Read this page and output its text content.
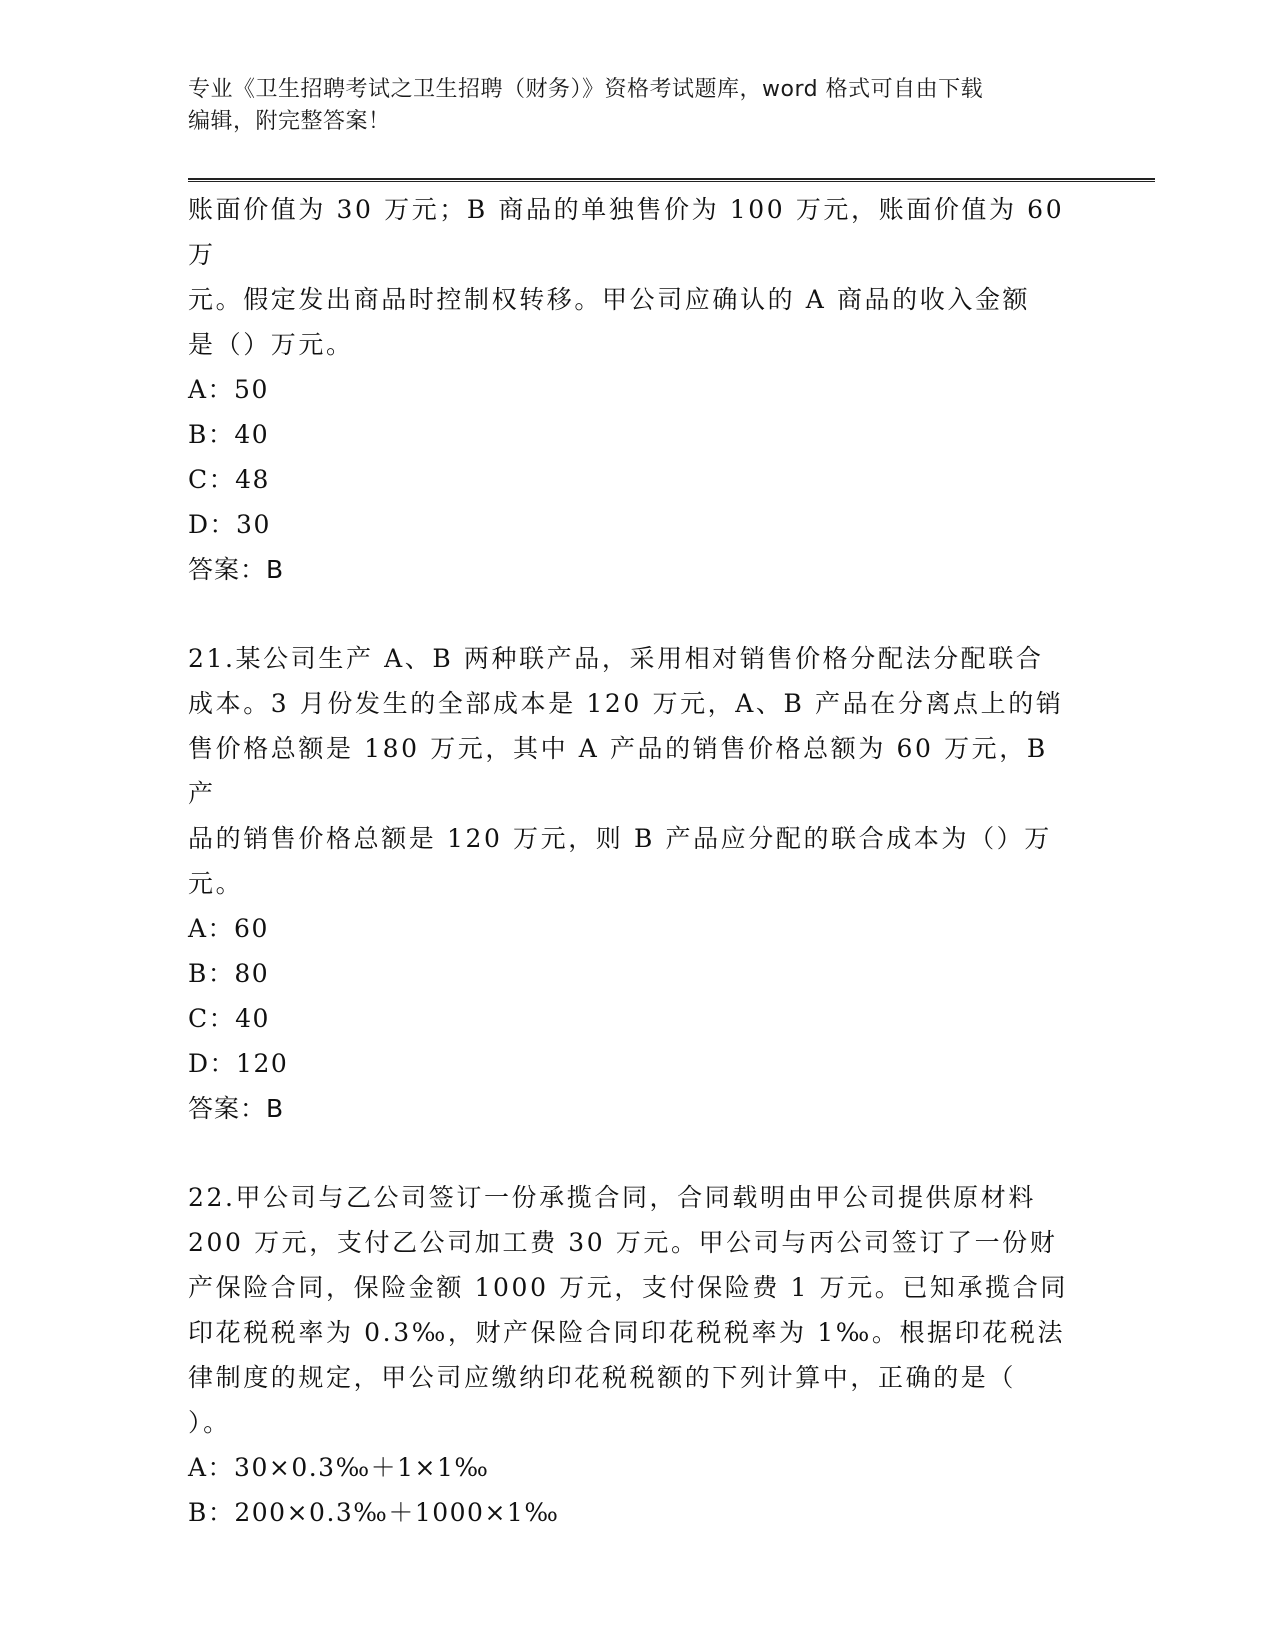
专业《卫生招聘考试之卫生招聘（财务）》资格考试题库，word 格式可自由下载
编辑，附完整答案！

账面价值为 30 万元；B 商品的单独售价为 100 万元，账面价值为 60 万

元。假定发出商品时控制权转移。甲公司应确认的 A 商品的收入金额

是（）万元。

A：50
B：40
C：48
D：30
答案：B

21.某公司生产 A、B 两种联产品，采用相对销售价格分配法分配联合

成本。3 月份发生的全部成本是 120 万元，A、B 产品在分离点上的销

售价格总额是 180 万元，其中 A 产品的销售价格总额为 60 万元，B 产

品的销售价格总额是 120 万元，则 B 产品应分配的联合成本为（）万

元。

A：60
B：80
C：40
D：120
答案：B

22.甲公司与乙公司签订一份承揽合同，合同载明由甲公司提供原材料

200 万元，支付乙公司加工费 30 万元。甲公司与丙公司签订了一份财

产保险合同，保险金额 1000 万元，支付保险费 1 万元。已知承揽合同

印花税税率为 0.3‰，财产保险合同印花税税率为 1‰。根据印花税法

律制度的规定，甲公司应缴纳印花税税额的下列计算中，正确的是（

）。

A：30×0.3‰＋1×1‰
B：200×0.3‰＋1000×1‰
